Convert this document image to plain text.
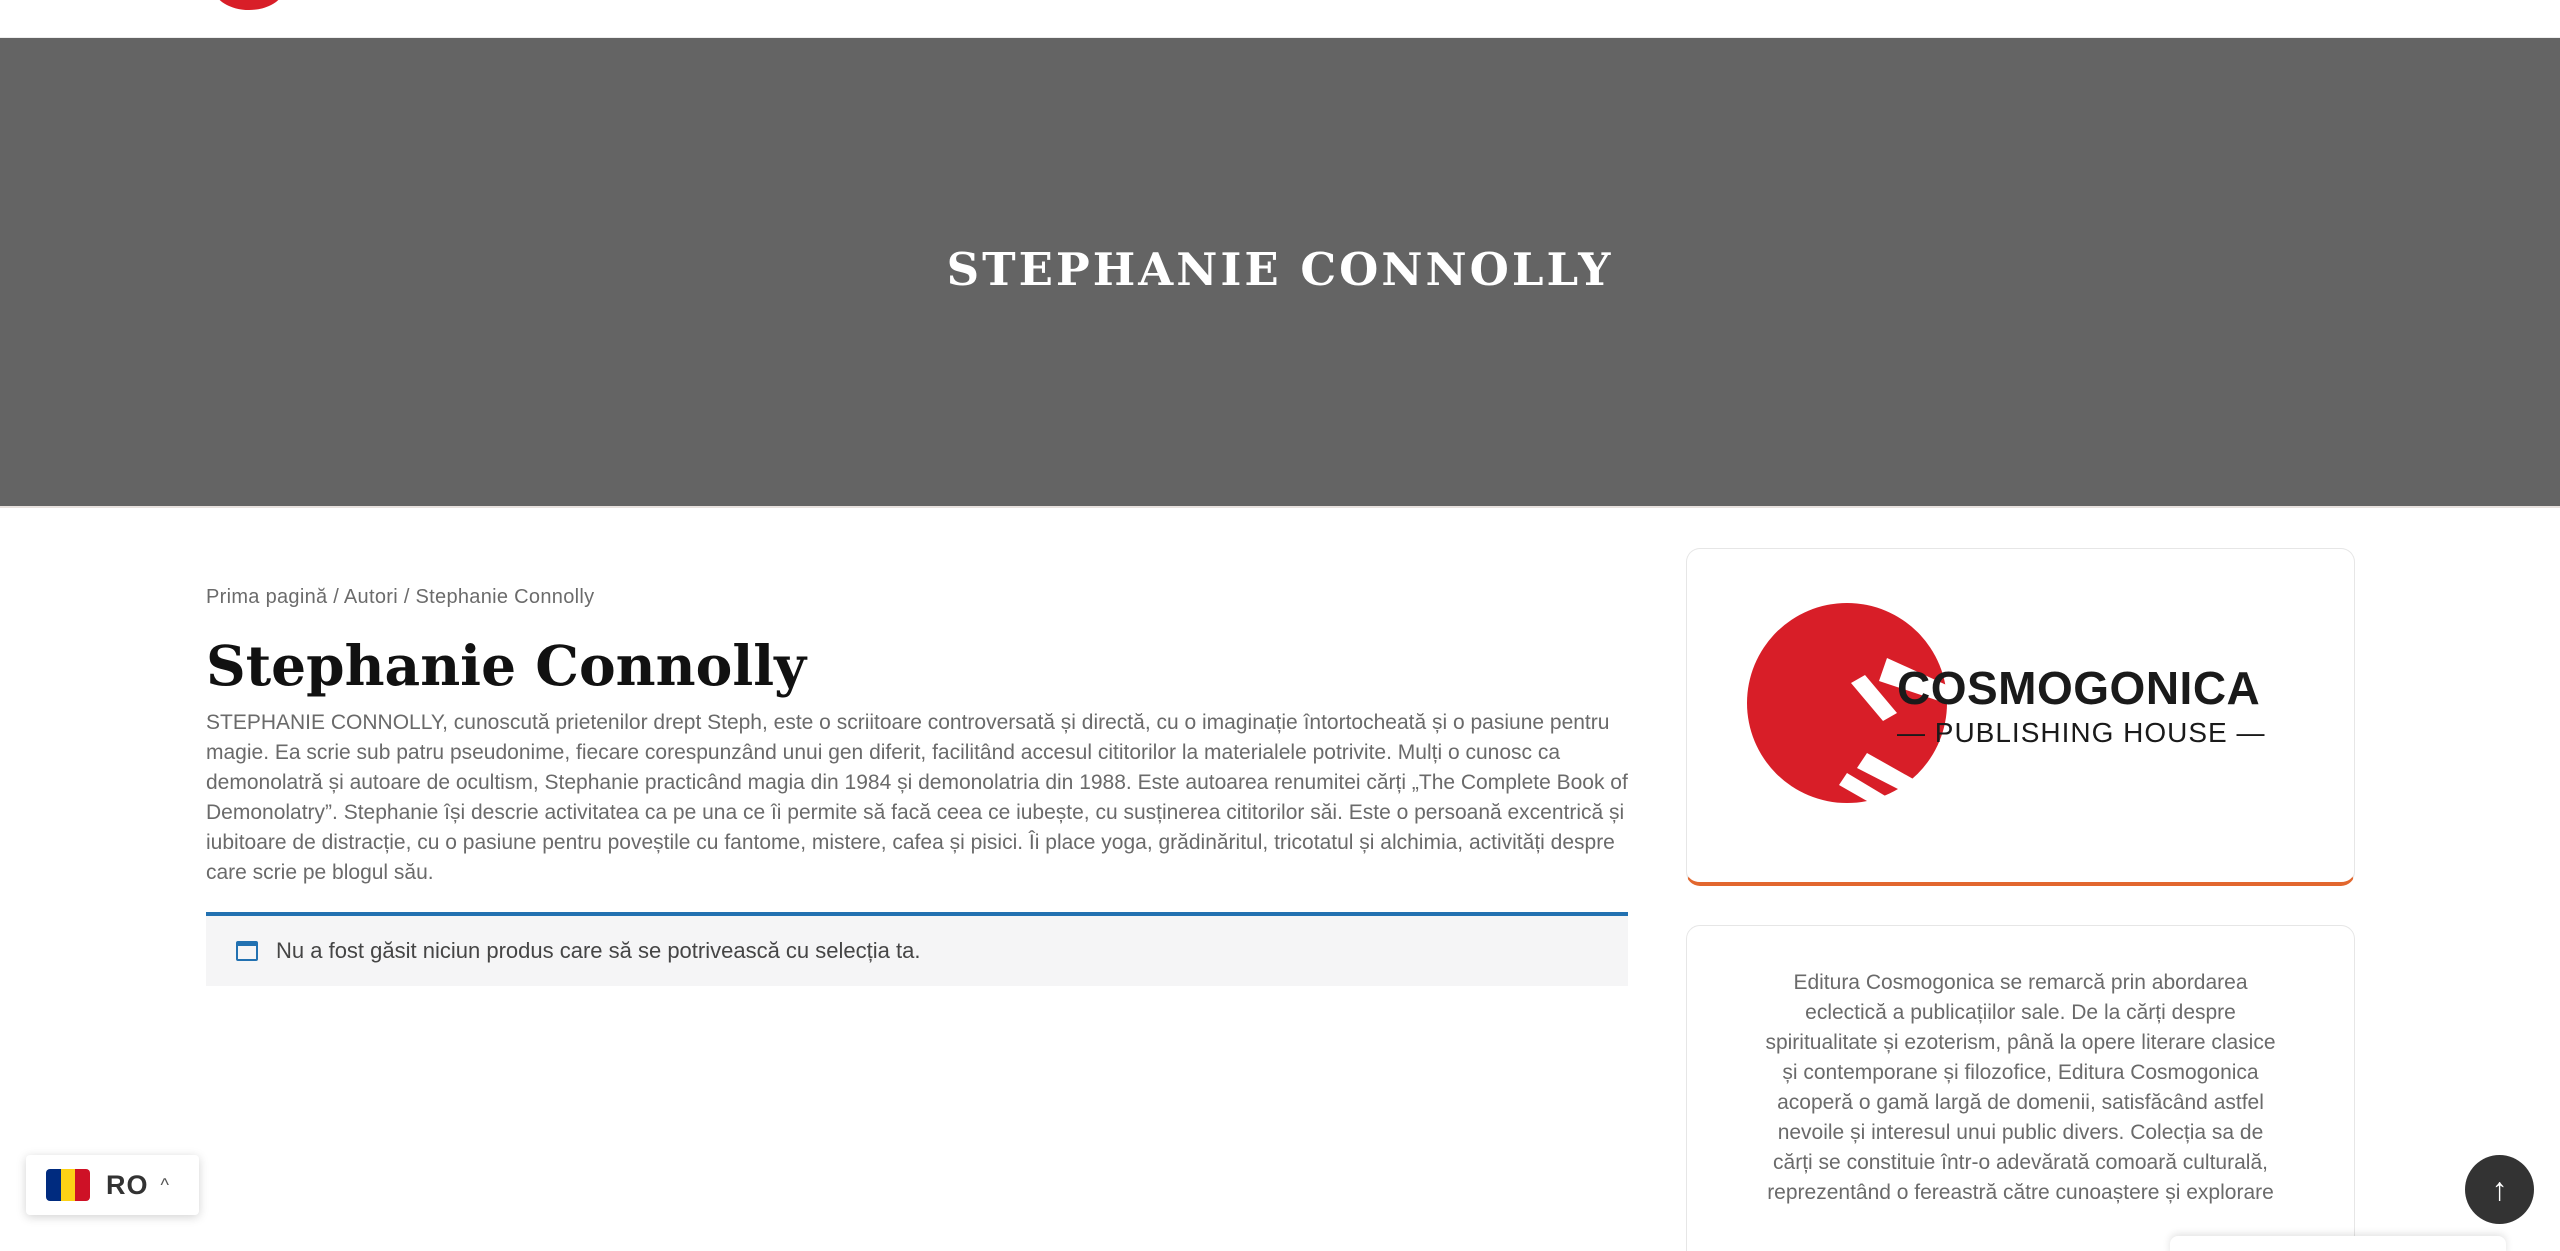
STEPHANIE CONNOLLY
Prima pagină / Autori / Stephanie Connolly
Stephanie Connolly

STEPHANIE CONNOLLY, cunoscută prietenilor drept Steph, este o scriitoare controversată și directă, cu o imaginație întortocheată și o pasiune pentru magie. Ea scrie sub patru pseudonime, fiecare corespunzând unui gen diferit, facilitând accesul cititorilor la materialele potrivite. Mulți o cunosc ca demonolatră și autoare de ocultism, Stephanie practicând magia din 1984 și demonolatria din 1988. Este autoarea renumitei cărți „The Complete Book of Demonolatry”. Stephanie își descrie activitatea ca pe una ce îi permite să facă ceea ce iubește, cu susținerea cititorilor săi. Este o persoană excentrică și iubitoare de distracție, cu o pasiune pentru poveștile cu fantome, mistere, cafea și pisici. Îi place yoga, grădinăritul, tricotatul și alchimia, activități despre care scrie pe blogul său.

Nu a fost găsit niciun produs care să se potrivească cu selecția ta.
COSMOGONICA
— PUBLISHING HOUSE —

Editura Cosmogonica se remarcă prin abordarea eclectică a publicațiilor sale. De la cărți despre spiritualitate și ezoterism, până la opere literare clasice și contemporane și filozofice, Editura Cosmogonica acoperă o gamă largă de domenii, satisfăcând astfel nevoile și interesul unui public divers. Colecția sa de cărți se constituie într-o adevărată comoară culturală, reprezentând o fereastră către cunoaștere și explorare

RO ^	↑
